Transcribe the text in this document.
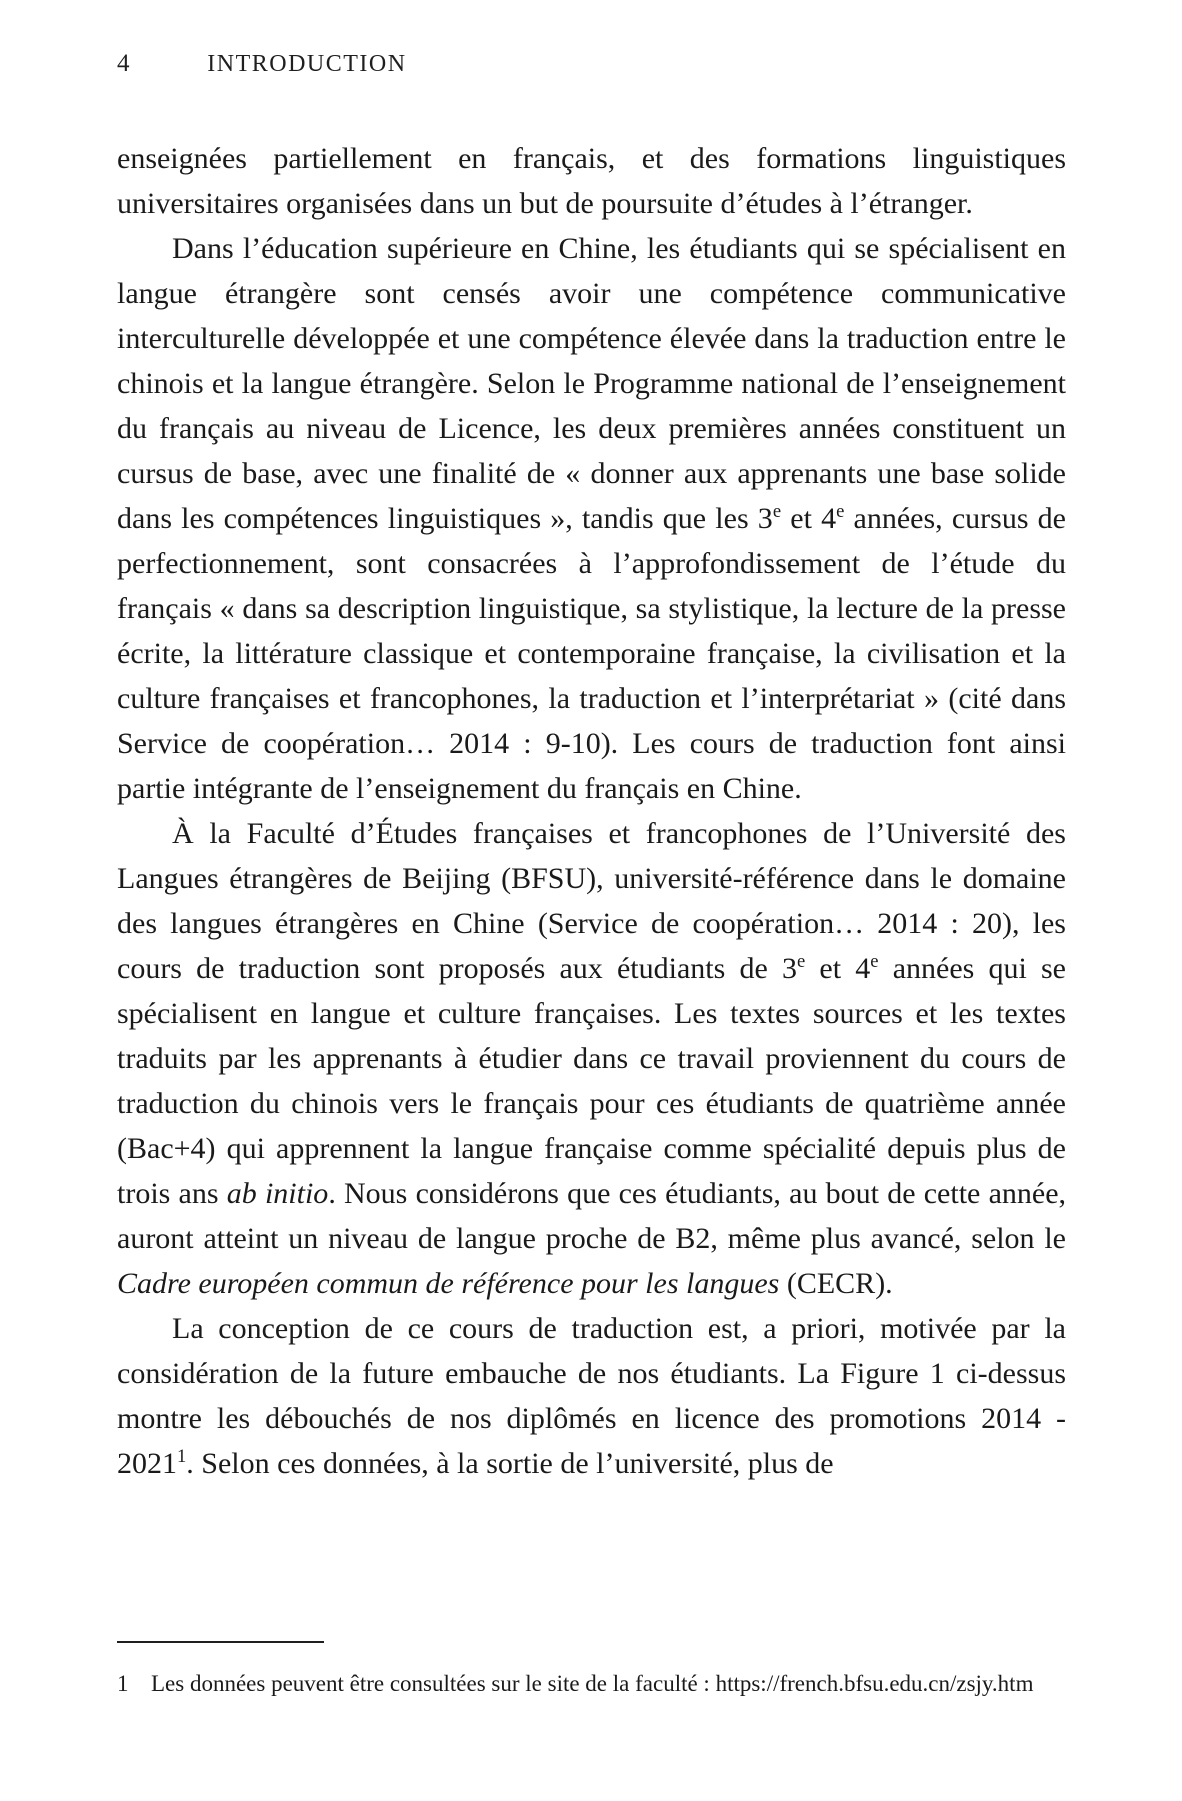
4	INTRODUCTION

enseignées partiellement en français, et des formations linguistiques universitaires organisées dans un but de poursuite d’études à l’étranger.

Dans l’éducation supérieure en Chine, les étudiants qui se spécialisent en langue étrangère sont censés avoir une compétence communicative interculturelle développée et une compétence élevée dans la traduction entre le chinois et la langue étrangère. Selon le Programme national de l’enseignement du français au niveau de Licence, les deux premières années constituent un cursus de base, avec une finalité de « donner aux apprenants une base solide dans les compétences linguistiques », tandis que les 3e et 4e années, cursus de perfectionnement, sont consacrées à l’approfondissement de l’étude du français « dans sa description linguistique, sa stylistique, la lecture de la presse écrite, la littérature classique et contemporaine française, la civilisation et la culture françaises et francophones, la traduction et l’interprétariat » (cité dans Service de coopération… 2014 : 9-10). Les cours de traduction font ainsi partie intégrante de l’enseignement du français en Chine.

À la Faculté d’Études françaises et francophones de l’Université des Langues étrangères de Beijing (BFSU), université-référence dans le domaine des langues étrangères en Chine (Service de coopération… 2014 : 20), les cours de traduction sont proposés aux étudiants de 3e et 4e années qui se spécialisent en langue et culture françaises. Les textes sources et les textes traduits par les apprenants à étudier dans ce travail proviennent du cours de traduction du chinois vers le français pour ces étudiants de quatrième année (Bac+4) qui apprennent la langue française comme spécialité depuis plus de trois ans ab initio. Nous considérons que ces étudiants, au bout de cette année, auront atteint un niveau de langue proche de B2, même plus avancé, selon le Cadre européen commun de référence pour les langues (CECR).

La conception de ce cours de traduction est, a priori, motivée par la considération de la future embauche de nos étudiants. La Figure 1 ci-dessus montre les débouchés de nos diplômés en licence des promotions 2014 - 2021$^1$. Selon ces données, à la sortie de l’université, plus de

1 Les données peuvent être consultées sur le site de la faculté : https://french.bfsu.edu.cn/zsjy.htm
